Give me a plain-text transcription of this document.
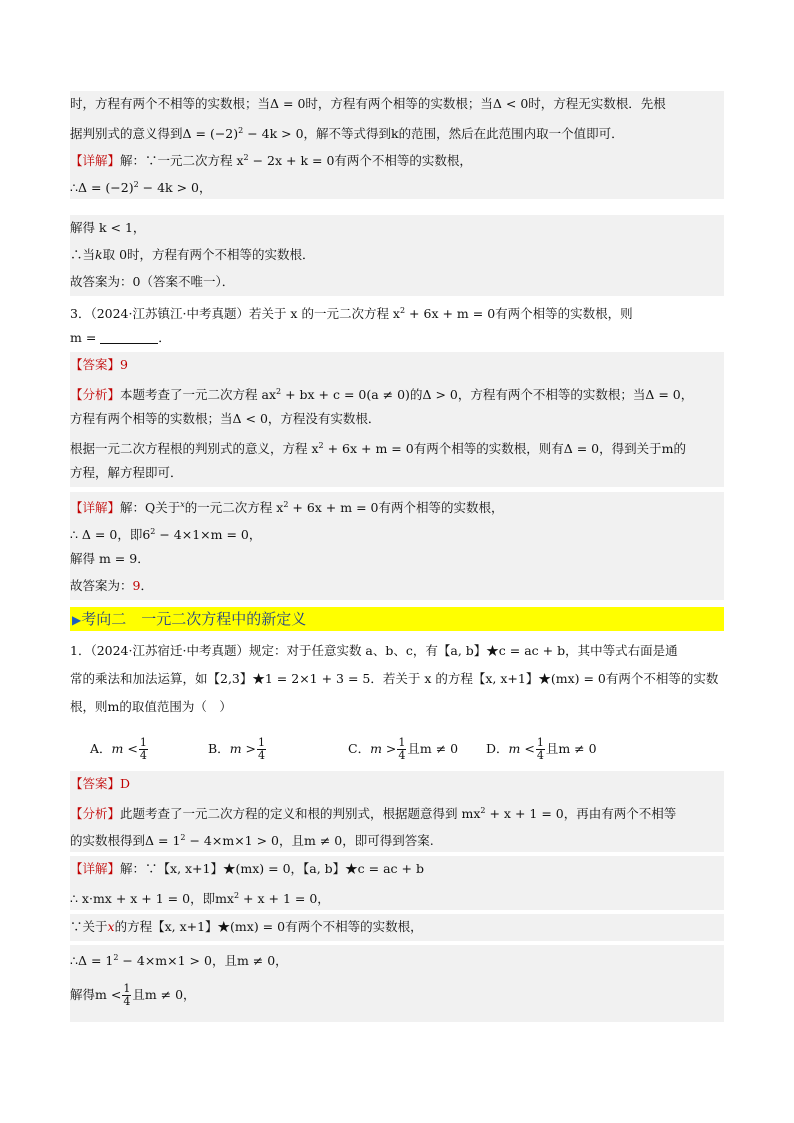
时，方程有两个不相等的实数根；当Δ = 0时，方程有两个相等的实数根；当Δ < 0时，方程无实数根．先根
据判别式的意义得到$\Delta = (-2)^2 - 4k > 0$，解不等式得到k的范围，然后在此范围内取一个值即可．
【详解】解：∵一元二次方程 $x^2 - 2x + k = 0$有两个不相等的实数根，
∴Δ = $(-2)^2 - 4k > 0$，
解得 k < 1，
∴当k取 0时，方程有两个不相等的实数根．
故答案为：0（答案不唯一）．
3．（2024·江苏镇江·中考真题）若关于 x 的一元二次方程 $x^2 + 6x + m = 0$有两个相等的实数根，则
m =	．
【答案】9
【分析】本题考查了一元二次方程 $ax^2$ + bx + c = 0(a ≠ 0)的Δ > 0，方程有两个不相等的实数根；当Δ = 0，
方程有两个相等的实数根；当Δ < 0，方程没有实数根．
根据一元二次方程根的判别式的意义，方程 $x^2 + 6x + m = 0$有两个相等的实数根，则有Δ = 0，得到关于m的
方程，解方程即可．
【详解】解：Q关于$^x$的一元二次方程 $x^2 + 6x + m = 0$有两个相等的实数根，
∴ Δ = 0，即$6^2 - 4\times 1\times m = 0$，
解得 m = 9．
故答案为：9．
▶考向二　一元二次方程中的新定义
1．（2024·江苏宿迁·中考真题）规定：对于任意实数 a、b、c，有【a, b】★c = ac + b，其中等式右面是通
常的乘法和加法运算，如【2,3】★1 = 2×1 + 3 = 5．若关于 x 的方程【x, x+1】★(mx) = 0有两个不相等的实数
根，则m的取值范围为（　）
A．$m < \frac{1}{4}$	B．$m > \frac{1}{4}$	C．$m > \frac{1}{4}$ 且m ≠ 0 D．$m < \frac{1}{4}$ 且m ≠ 0
【答案】D
【分析】此题考查了一元二次方程的定义和根的判别式，根据题意得到 $mx^2 + x + 1 = 0$，再由有两个不相等
的实数根得到$\Delta = 1^2 - 4\times m\times 1 > 0$，且m ≠ 0，即可得到答案.
【详解】解：∵【x, x+1】★(mx) = 0，【a, b】★c = ac + b
∴ x·mx + x + 1 = 0，即$mx^2 + x + 1 = 0$，
∵关于x的方程【x, x+1】★(mx) = 0有两个不相等的实数根，
∴Δ = $1^2 - 4\times m\times 1 > 0$，且m ≠ 0，
解得$m < \frac{1}{4}$ 且m ≠ 0，
